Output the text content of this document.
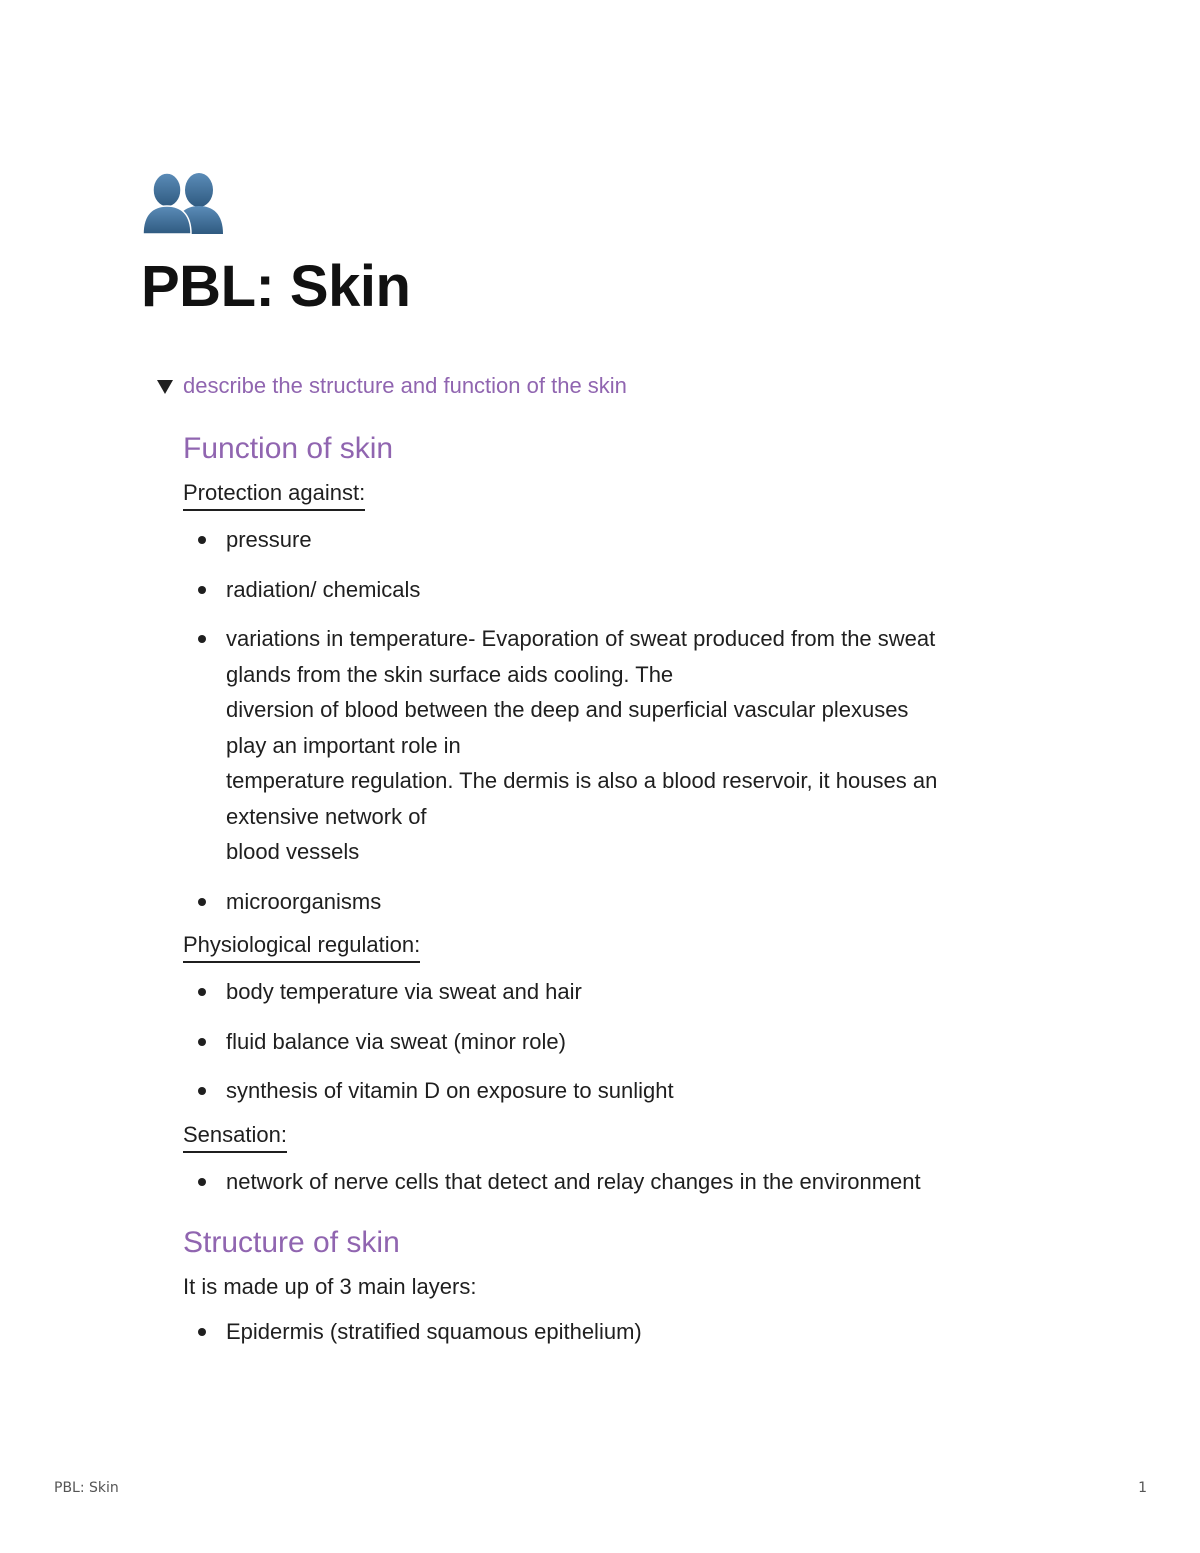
PBL: Skin
describe the structure and function of the skin
Function of skin
Protection against:
pressure
radiation/ chemicals
variations in temperature- Evaporation of sweat produced from the sweat
glands from the skin surface aids cooling. The
diversion of blood between the deep and superficial vascular plexuses
play an important role in
temperature regulation. The dermis is also a blood reservoir, it houses an
extensive network of
blood vessels
microorganisms
Physiological regulation:
body temperature via sweat and hair
fluid balance via sweat (minor role)
synthesis of vitamin D on exposure to sunlight
Sensation:
network of nerve cells that detect and relay changes in the environment
Structure of skin
It is made up of 3 main layers:
Epidermis (stratified squamous epithelium)
PBL: Skin	1
